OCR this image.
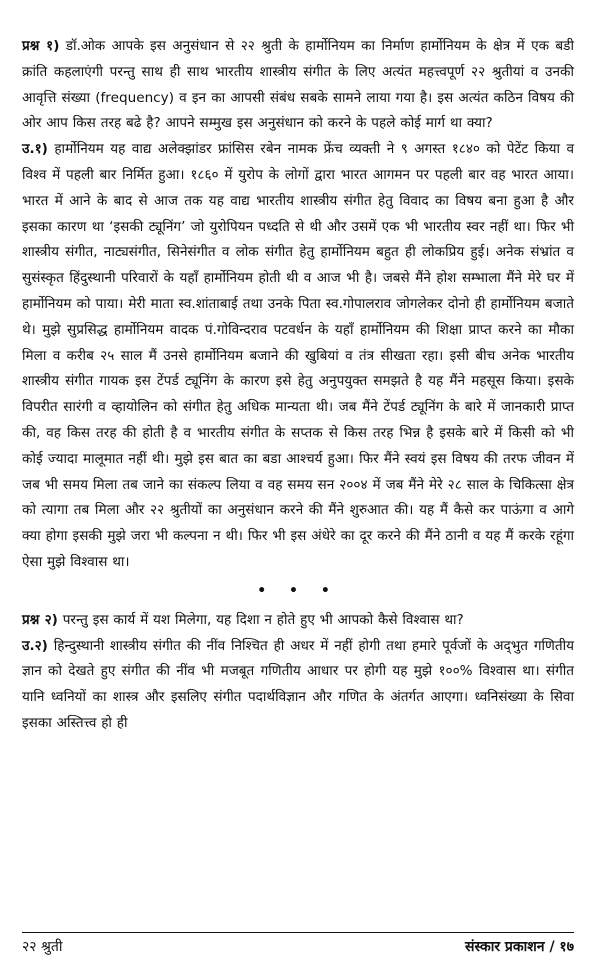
प्रश्न १) डॉ.ओक आपके इस अनुसंधान से २२ श्रुती के हार्मोनियम का निर्माण हार्मोनियम के क्षेत्र में एक बडी क्रांति कहलाएंगी परन्तु साथ ही साथ भारतीय शास्त्रीय संगीत के लिए अत्यंत महत्त्वपूर्ण २२ श्रुतीयां व उनकी आवृत्ति संख्या (frequency) व इन का आपसी संबंध सबके सामने लाया गया है। इस अत्यंत कठिन विषय की ओर आप किस तरह बढे है? आपने सम्मुख इस अनुसंधान को करने के पहले कोई मार्ग था क्या?

उ.१) हार्मोनियम यह वाद्य अलेक्झांडर फ्रांसिस रबेन नामक फ्रेंच व्यक्ती ने ९ अगस्त १८४० को पेटेंट किया व विश्व में पहली बार निर्मित हुआ। १८६० में युरोप के लोगों द्वारा भारत आगमन पर पहली बार वह भारत आया। भारत में आने के बाद से आज तक यह वाद्य भारतीय शास्त्रीय संगीत हेतु विवाद का विषय बना हुआ है और इसका कारण था ‘इसकी ट्यूनिंग’ जो युरोपियन पध्दति से थी और उसमें एक भी भारतीय स्वर नहीं था। फिर भी शास्त्रीय संगीत, नाट्यसंगीत, सिनेसंगीत व लोक संगीत हेतु हार्मोनियम बहुत ही लोकप्रिय हुई। अनेक संभ्रांत व सुसंस्कृत हिंदुस्थानी परिवारों के यहाँ हार्मोनियम होती थी व आज भी है। जबसे मैंने होश सम्भाला मैंने मेरे घर में हार्मोनियम को पाया। मेरी माता स्व.शांताबाई तथा उनके पिता स्व.गोपालराव जोगलेकर दोनो ही हार्मोनियम बजाते थे। मुझे सुप्रसिद्ध हार्मोनियम वादक पं.गोविन्दराव पटवर्धन के यहाँ हार्मोनियम की शिक्षा प्राप्त करने का मौका मिला व करीब २५ साल मैं उनसे हार्मोनियम बजाने की खुबियां व तंत्र सीखता रहा। इसी बीच अनेक भारतीय शास्त्रीय संगीत गायक इस टेंपर्ड ट्यूनिंग के कारण इसे हेतु अनुपयुक्त समझते है यह मैंने महसूस किया। इसके विपरीत सारंगी व व्हायोलिन को संगीत हेतु अधिक मान्यता थी। जब मैंने टेंपर्ड ट्यूनिंग के बारे में जानकारी प्राप्त की, वह किस तरह की होती है व भारतीय संगीत के सप्तक से किस तरह भिन्न है इसके बारे में किसी को भी कोई ज्यादा मालूमात नहीं थी। मुझे इस बात का बडा आश्चर्य हुआ। फिर मैंने स्वयं इस विषय की तरफ जीवन में जब भी समय मिला तब जाने का संकल्प लिया व वह समय सन २००४ में जब मैंने मेरे २८ साल के चिकित्सा क्षेत्र को त्यागा तब मिला और २२ श्रुतीयों का अनुसंधान करने की मैंने शुरुआत की। यह मैं कैसे कर पाऊंगा व आगे क्या होगा इसकी मुझे जरा भी कल्पना न थी। फिर भी इस अंधेरे का दूर करने की मैंने ठानी व यह मैं करके रहूंगा ऐसा मुझे विश्‍वास था।

• • •

प्रश्न २) परन्तु इस कार्य में यश मिलेगा, यह दिशा न होते हुए भी आपको कैसे विश्‍वास था?

उ.२) हिन्दुस्थानी शास्त्रीय संगीत की नींव निश्‍चित ही अधर में नहीं होगी तथा हमारे पूर्वजों के अद्‌भुत गणितीय ज्ञान को देखते हुए संगीत की नींव भी मजबूत गणितीय आधार पर होगी यह मुझे १००% विश्‍वास था। संगीत यानि ध्वनियों का शास्त्र और इसलिए संगीत पदार्थविज्ञान और गणित के अंतर्गत आएगा। ध्वनिसंख्या के सिवा इसका अस्तित्त्व हो ही

२२ श्रुती	संस्कार प्रकाशन / १७
